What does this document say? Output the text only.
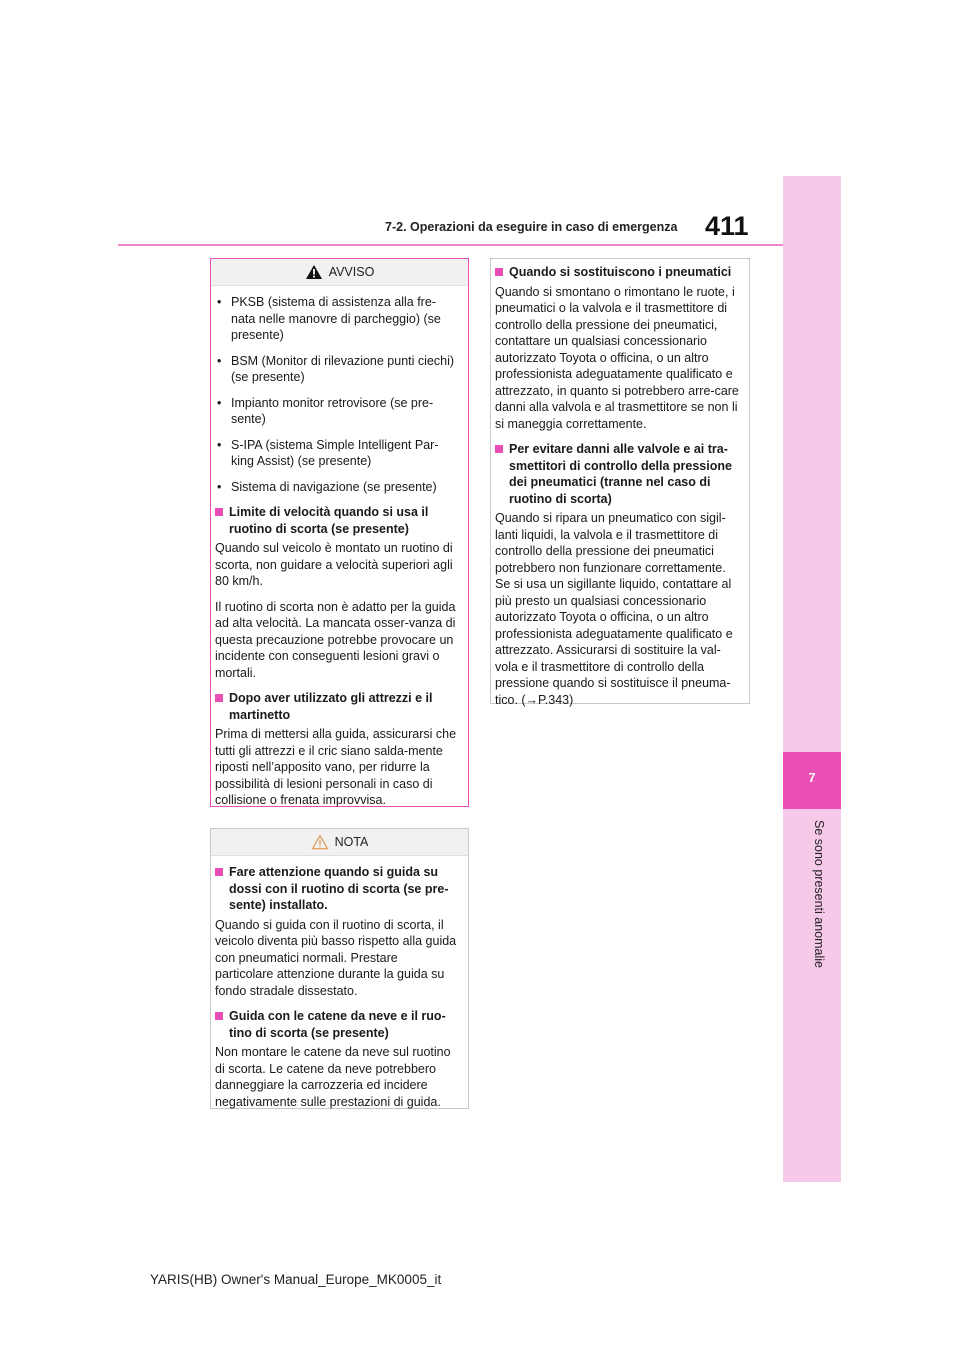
7
Se sono presenti anomalie
7-2. Operazioni da eseguire in caso di emergenza 411
AVVISO
• PKSB (sistema di assistenza alla fre-nata nelle manovre di parcheggio) (se presente)
• BSM (Monitor di rilevazione punti ciechi) (se presente)
• Impianto monitor retrovisore (se pre-sente)
• S-IPA (sistema Simple Intelligent Par-king Assist) (se presente)
• Sistema di navigazione (se presente)
Limite di velocità quando si usa il ruotino di scorta (se presente)

Quando sul veicolo è montato un ruotino di scorta, non guidare a velocità superiori agli 80 km/h.

Il ruotino di scorta non è adatto per la guida ad alta velocità. La mancata osser-vanza di questa precauzione potrebbe provocare un incidente con conseguenti lesioni gravi o mortali.

Dopo aver utilizzato gli attrezzi e il martinetto

Prima di mettersi alla guida, assicurarsi che tutti gli attrezzi e il cric siano salda-mente riposti nell’apposito vano, per ridurre la possibilità di lesioni personali in caso di collisione o frenata improvvisa.

NOTA
Fare attenzione quando si guida su dossi con il ruotino di scorta (se pre-sente) installato.

Quando si guida con il ruotino di scorta, il veicolo diventa più basso rispetto alla guida con pneumatici normali. Prestare particolare attenzione durante la guida su fondo stradale dissestato.

Guida con le catene da neve e il ruo-tino di scorta (se presente)

Non montare le catene da neve sul ruotino di scorta. Le catene da neve potrebbero danneggiare la carrozzeria ed incidere negativamente sulle prestazioni di guida.

Quando si sostituiscono i pneumatici

Quando si smontano o rimontano le ruote, i pneumatici o la valvola e il trasmettitore di controllo della pressione dei pneumatici, contattare un qualsiasi concessionario autorizzato Toyota o officina, o un altro professionista adeguatamente qualificato e attrezzato, in quanto si potrebbero arre-care danni alla valvola e al trasmettitore se non li si maneggia correttamente.

Per evitare danni alle valvole e ai tra-smettitori di controllo della pressione dei pneumatici (tranne nel caso di ruotino di scorta)

Quando si ripara un pneumatico con sigil-lanti liquidi, la valvola e il trasmettitore di controllo della pressione dei pneumatici potrebbero non funzionare correttamente. Se si usa un sigillante liquido, contattare al più presto un qualsiasi concessionario autorizzato Toyota o officina, o un altro professionista adeguatamente qualificato e attrezzato. Assicurarsi di sostituire la val-vola e il trasmettitore di controllo della pressione quando si sostituisce il pneuma-tico. (→P.343)

YARIS(HB) Owner's Manual_Europe_MK0005_it
